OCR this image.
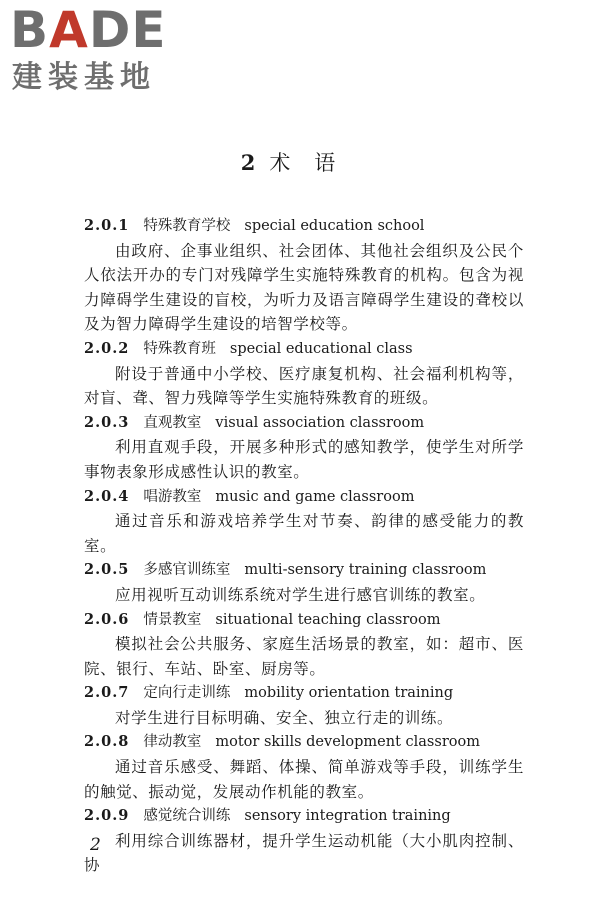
BADE
建装基地
2 术语
2.0.1 特殊教育学校 special education school
由政府、企事业组织、社会团体、其他社会组织及公民个人依法开办的专门对残障学生实施特殊教育的机构。包含为视力障碍学生建设的盲校，为听力及语言障碍学生建设的聋校以及为智力障碍学生建设的培智学校等。
2.0.2 特殊教育班 special educational class
附设于普通中小学校、医疗康复机构、社会福利机构等，对盲、聋、智力残障等学生实施特殊教育的班级。
2.0.3 直观教室 visual association classroom
利用直观手段，开展多种形式的感知教学，使学生对所学事物表象形成感性认识的教室。
2.0.4 唱游教室 music and game classroom
通过音乐和游戏培养学生对节奏、韵律的感受能力的教室。
2.0.5 多感官训练室 multi-sensory training classroom
应用视听互动训练系统对学生进行感官训练的教室。
2.0.6 情景教室 situational teaching classroom
模拟社会公共服务、家庭生活场景的教室，如：超市、医院、银行、车站、卧室、厨房等。
2.0.7 定向行走训练 mobility orientation training
对学生进行目标明确、安全、独立行走的训练。
2.0.8 律动教室 motor skills development classroom
通过音乐感受、舞蹈、体操、简单游戏等手段，训练学生的触觉、振动觉，发展动作机能的教室。
2.0.9 感觉统合训练 sensory integration training
利用综合训练器材，提升学生运动机能（大小肌肉控制、协
2
